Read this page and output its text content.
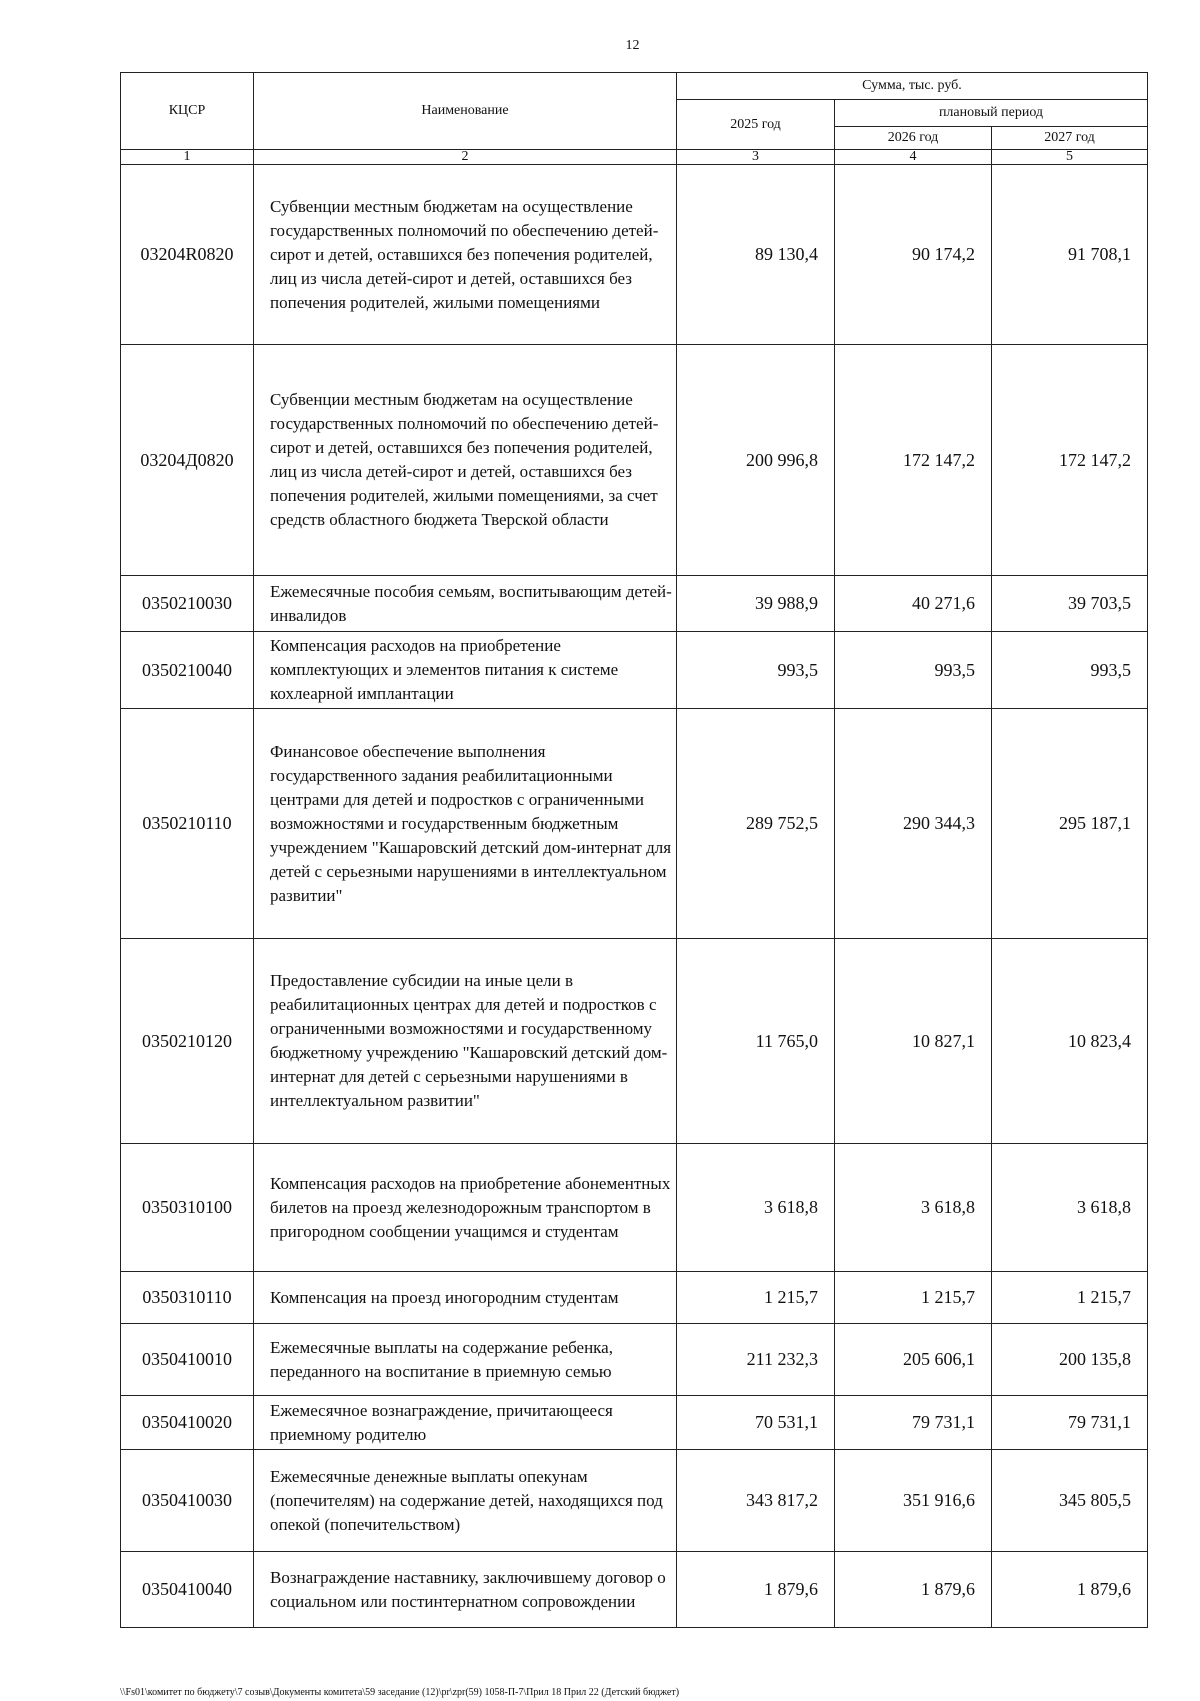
12
КЦСР	Наименование	Сумма, тыс. руб.		
		2025 год	плановый период	
			2026 год	2027 год
1	2	3	4	5
03204R0820	Субвенции местным бюджетам на осуществление государственных полномочий по обеспечению детей-сирот и детей, оставшихся без попечения родителей, лиц из числа детей-сирот и детей, оставшихся без попечения родителей, жилыми помещениями	89 130,4	90 174,2	91 708,1
03204Д0820	Субвенции местным бюджетам на осуществление государственных полномочий по обеспечению детей-сирот и детей, оставшихся без попечения родителей, лиц из числа детей-сирот и детей, оставшихся без попечения родителей, жилыми помещениями, за счет средств областного бюджета Тверской области	200 996,8	172 147,2	172 147,2
0350210030	Ежемесячные пособия семьям, воспитывающим детей-инвалидов	39 988,9	40 271,6	39 703,5
0350210040	Компенсация расходов на приобретение комплектующих и элементов питания к системе кохлеарной имплантации	993,5	993,5	993,5
0350210110	Финансовое обеспечение выполнения государственного задания реабилитационными центрами для детей и подростков с ограниченными возможностями и государственным бюджетным учреждением "Кашаровский детский дом-интернат для детей с серьезными нарушениями в интеллектуальном развитии"	289 752,5	290 344,3	295 187,1
0350210120	Предоставление субсидии на иные цели в реабилитационных центрах для детей и подростков с ограниченными возможностями и государственному бюджетному учреждению "Кашаровский детский дом-интернат для детей с серьезными нарушениями в интеллектуальном развитии"	11 765,0	10 827,1	10 823,4
0350310100	Компенсация расходов на приобретение абонементных билетов на проезд железнодорожным транспортом в пригородном сообщении учащимся и студентам	3 618,8	3 618,8	3 618,8
0350310110	Компенсация на проезд иногородним студентам	1 215,7	1 215,7	1 215,7
0350410010	Ежемесячные выплаты на содержание ребенка, переданного на воспитание в приемную семью	211 232,3	205 606,1	200 135,8
0350410020	Ежемесячное вознаграждение, причитающееся приемному родителю	70 531,1	79 731,1	79 731,1
0350410030	Ежемесячные денежные выплаты опекунам (попечителям) на содержание детей, находящихся под опекой (попечительством)	343 817,2	351 916,6	345 805,5
0350410040	Вознаграждение наставнику, заключившему договор о социальном или постинтернатном сопровождении	1 879,6	1 879,6	1 879,6
\\Fs01\комитет по бюджету\7 созыв\Документы комитета\59 заседание (12)\pr\zpr(59) 1058-П-7\Прил 18 Прил 22 (Детский бюджет)
